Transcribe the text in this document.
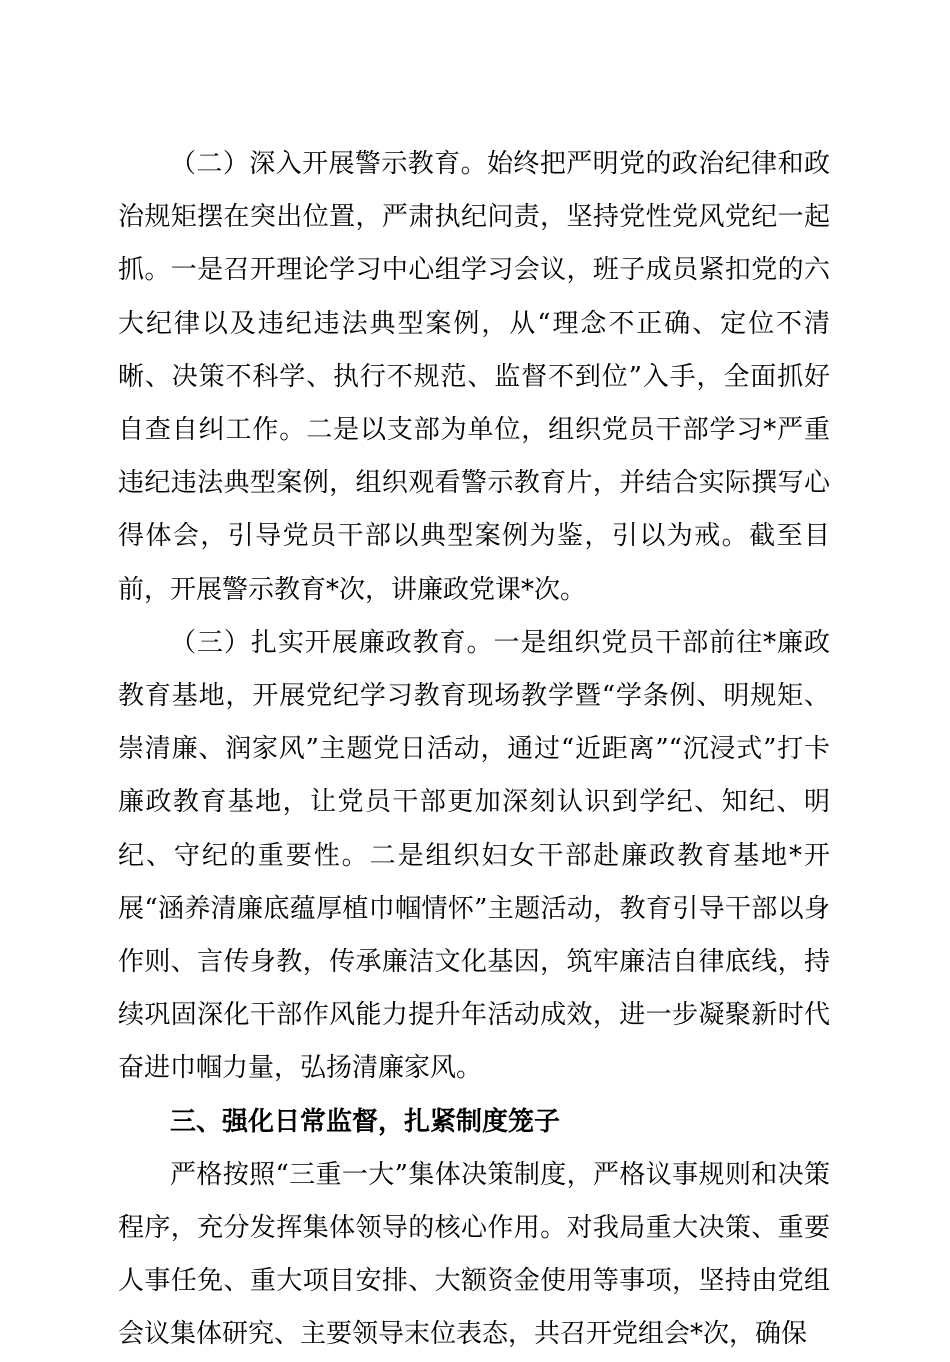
（二）深入开展警示教育。始终把严明党的政治纪律和政治规矩摆在突出位置，严肃执纪问责，坚持党性党风党纪一起抓。一是召开理论学习中心组学习会议，班子成员紧扣党的六大纪律以及违纪违法典型案例，从“理念不正确、定位不清晰、决策不科学、执行不规范、监督不到位”入手，全面抓好自查自纠工作。二是以支部为单位，组织党员干部学习*严重违纪违法典型案例，组织观看警示教育片，并结合实际撰写心得体会，引导党员干部以典型案例为鉴，引以为戒。截至目前，开展警示教育*次，讲廉政党课*次。

（三）扎实开展廉政教育。一是组织党员干部前往*廉政教育基地，开展党纪学习教育现场教学暨“学条例、明规矩、崇清廉、润家风”主题党日活动，通过“近距离”“沉浸式”打卡廉政教育基地，让党员干部更加深刻认识到学纪、知纪、明纪、守纪的重要性。二是组织妇女干部赴廉政教育基地*开展“涵养清廉底蕴厚植巾帼情怀”主题活动，教育引导干部以身作则、言传身教，传承廉洁文化基因，筑牢廉洁自律底线，持续巩固深化干部作风能力提升年活动成效，进一步凝聚新时代奋进巾帼力量，弘扬清廉家风。

三、强化日常监督，扎紧制度笼子

严格按照“三重一大”集体决策制度，严格议事规则和决策程序，充分发挥集体领导的核心作用。对我局重大决策、重要人事任免、重大项目安排、大额资金使用等事项，坚持由党组会议集体研究、主要领导末位表态，共召开党组会*次，确保
